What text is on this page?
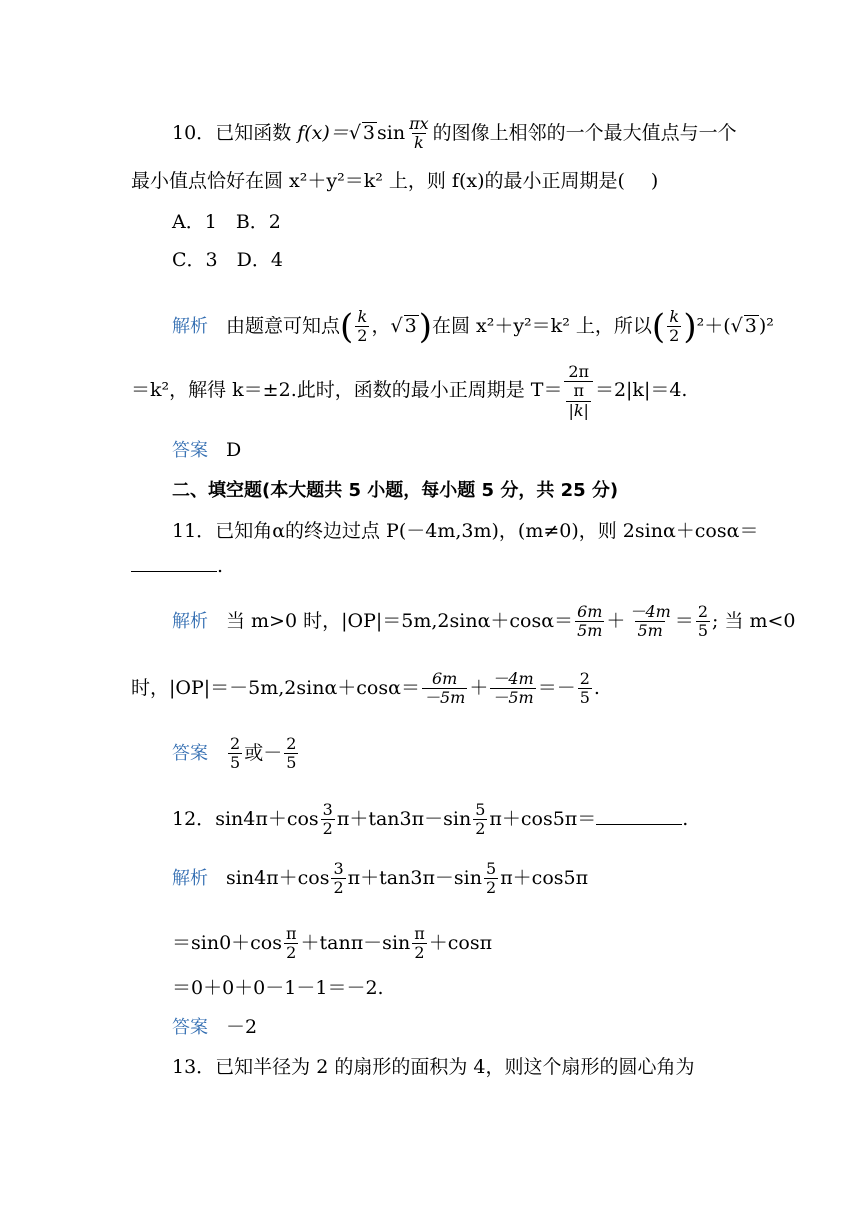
10．已知函数 f(x)＝√ 3 $\sin \frac{\pi x}{k}$ 的图像上相邻的一个最大值点与一个
最小值点恰好在圆 x²＋y²＝k² 上，则 f(x)的最小正周期是( )
A．1　 B．2
C．3　 D．4
解析 由题意可知点( $\frac{k}{2}$ ，√ 3)在圆 x²＋y²＝k² 上，所以( $\frac{k}{2} )^2+(√$ 3 )²
＝k²，解得 k＝±2.此时，函数的最小正周期是 $T= \frac{2\pi}{\frac{\pi}{|k|}} =2|k|=4$.
答案 D
二、填空题(本大题共 5 小题，每小题 5 分，共 25 分)
11．已知角α的终边过点 P(－4m,3m)，(m≠0)，则 2sinα＋cosα＝
.
解析 当 m>0 时，$|OP|=5m,2\sin\alpha+\cos\alpha= \frac{6m}{5m} + \frac{-4m}{5m} = \frac{2}{5}$ ; 当 m<0
时，$|OP|=-5m,2\sin\alpha+\cos\alpha= \frac{6m}{-5m} + \frac{-4m}{-5m} =- \frac{2}{5}$ .
答案 $\frac{2}{5}$ 或－ $\frac{2}{5}$
12．$\sin 4\pi+\cos \frac{3}{2} \pi+\tan 3\pi-\sin \frac{5}{2} \pi+\cos 5\pi=$	.
解析 $\sin 4\pi+\cos \frac{3}{2} \pi+\tan 3\pi-\sin \frac{5}{2} \pi+\cos 5\pi$
$=\sin 0+\cos \frac{\pi}{2} +\tan\pi-\sin \frac{\pi}{2} +\cos\pi$
＝0＋0＋0－1－1＝－2.
答案 －2
13．已知半径为 2 的扇形的面积为 4，则这个扇形的圆心角为
